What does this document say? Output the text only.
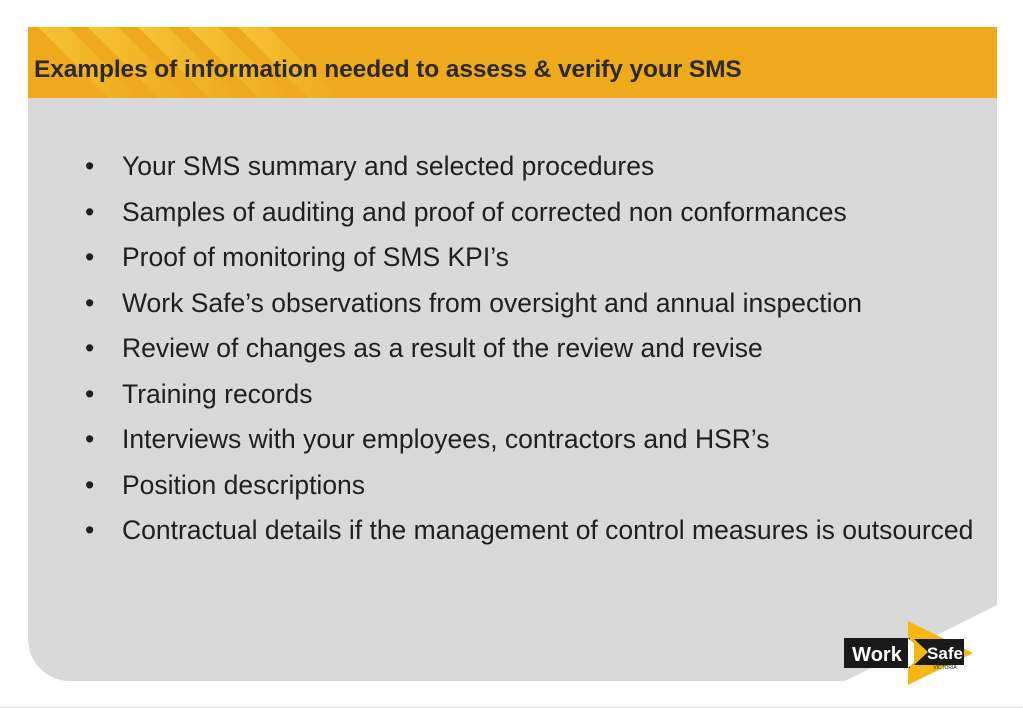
Examples of information needed to assess & verify your SMS
• Your SMS summary and selected procedures
• Samples of auditing and proof of corrected non conformances
• Proof of monitoring of SMS KPI’s
• Work Safe’s observations from oversight and annual inspection
• Review of changes as a result of the review and revise
• Training records
• Interviews with your employees, contractors and HSR’s
• Position descriptions
• Contractual details if the management of control measures is outsourced
Work Safe
VICTORIA
